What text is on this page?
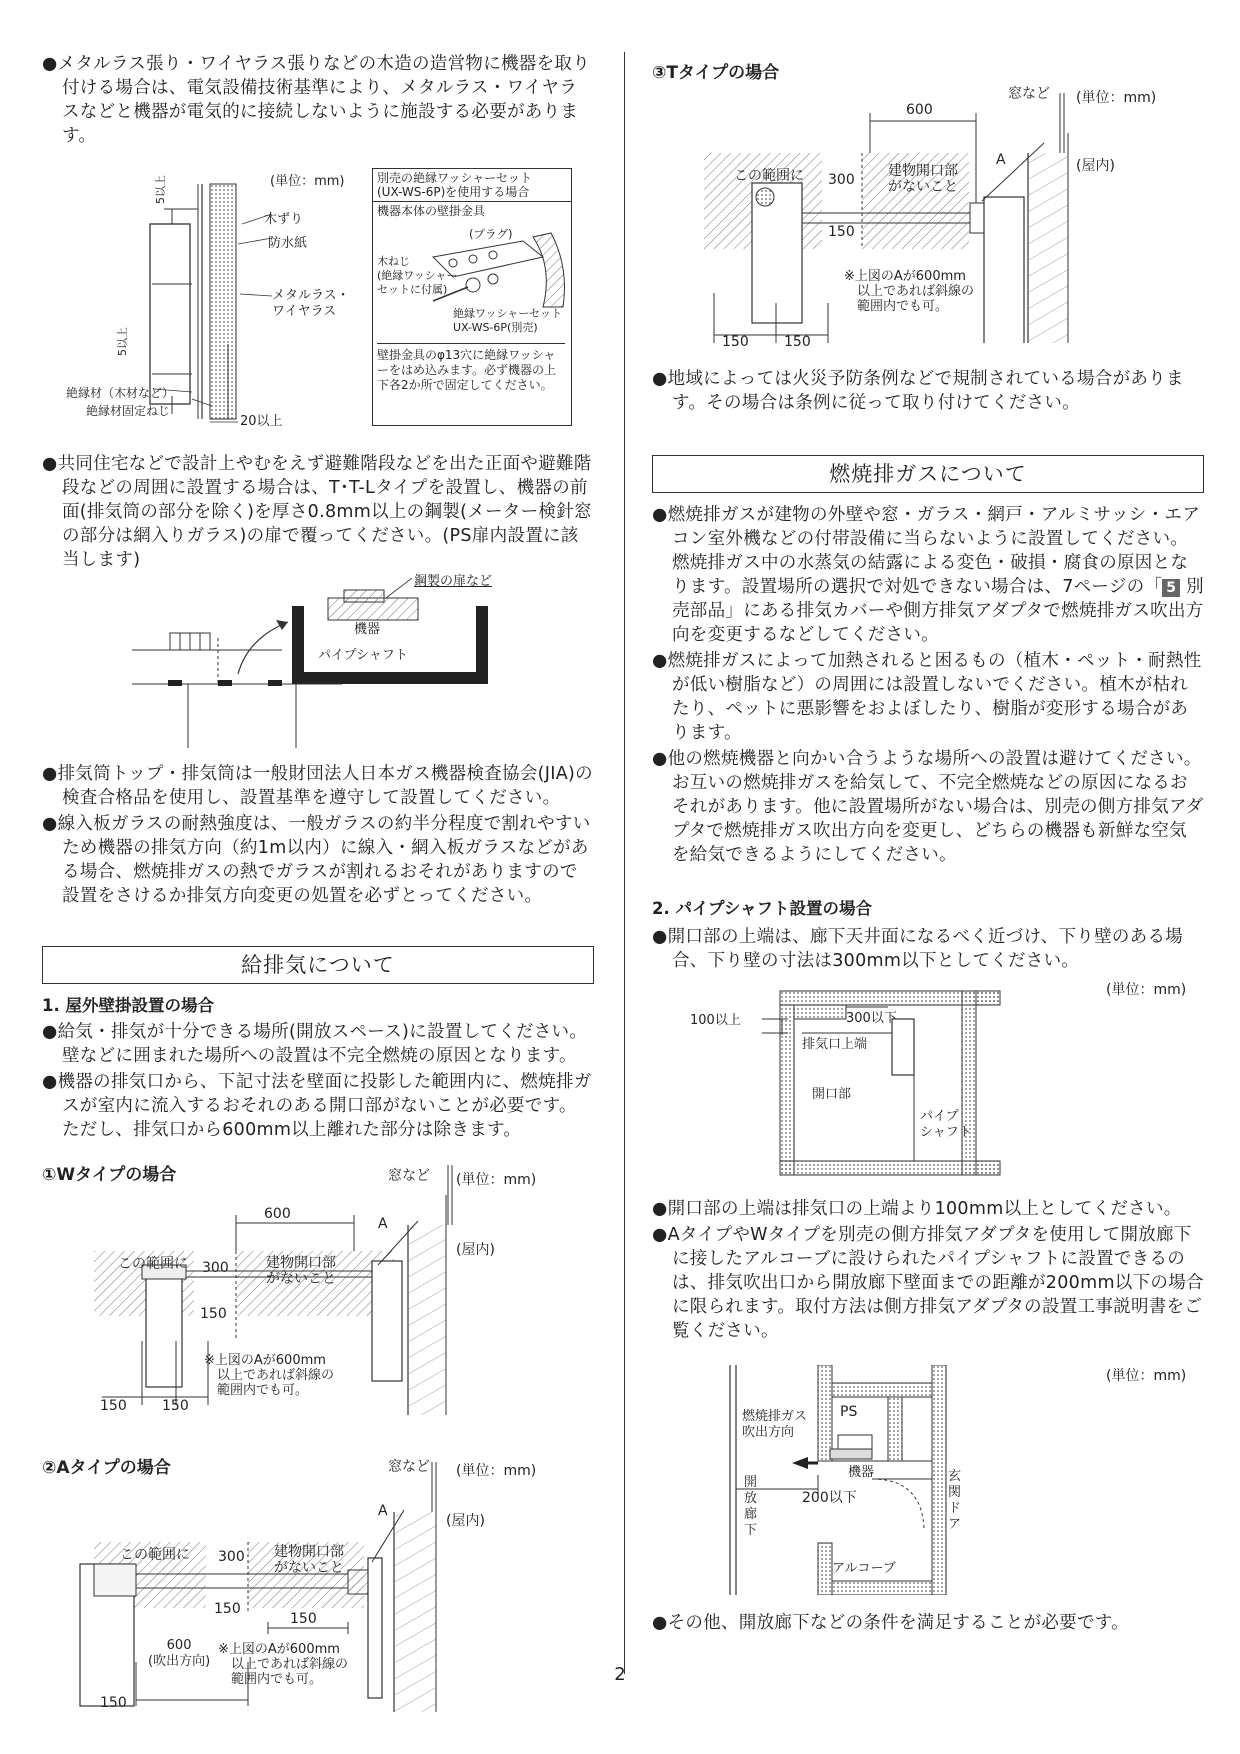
●メタルラス張り・ワイヤラス張りなどの木造の造営物に機器を取り付ける場合は、電気設備技術基準により、メタルラス・ワイヤラスなどと機器が電気的に接続しないように施設する必要があります。

(単位：mm)
5以上
5以上
木ずり
防水紙
メタルラス・
ワイヤラス
絶縁材（木材など）
絶縁材固定ねじ
20以上
別売の絶縁ワッシャーセット
(UX-WS-6P)を使用する場合
機器本体の壁掛金具
(プラグ)
木ねじ
(絶縁ワッシャー
セットに付属)
絶縁ワッシャーセット
UX-WS-6P(別売)
壁掛金具のφ13穴に絶縁ワッシャーをはめ込みます。必ず機器の上下各2か所で固定してください。

●共同住宅などで設計上やむをえず避難階段などを出た正面や避難階段などの周囲に設置する場合は、T･T-Lタイプを設置し、機器の前面(排気筒の部分を除く)を厚さ0.8mm以上の鋼製(メーター検針窓の部分は網入りガラス)の扉で覆ってください。(PS扉内設置に該当します)

鋼製の扉など
機器
パイプシャフト

●排気筒トップ・排気筒は一般財団法人日本ガス機器検査協会(JIA)の検査合格品を使用し、設置基準を遵守して設置してください。

●線入板ガラスの耐熱強度は、一般ガラスの約半分程度で割れやすいため機器の排気方向（約1m以内）に線入・網入板ガラスなどがある場合、燃焼排ガスの熱でガラスが割れるおそれがありますので設置をさけるか排気方向変更の処置を必ずとってください。

給排気について

1. 屋外壁掛設置の場合

●給気・排気が十分できる場所(開放スペース)に設置してください。壁などに囲まれた場所への設置は不完全燃焼の原因となります。

●機器の排気口から、下記寸法を壁面に投影した範囲内に、燃焼排ガスが室内に流入するおそれのある開口部がないことが必要です。ただし、排気口から600mm以上離れた部分は除きます。

①Wタイプの場合	窓など (単位：mm)
600
A
(屋内)
この範囲に 300	建物開口部
がないこと
150
※上図のAが600mm
　以上であれば斜線の
　範囲内でも可。
150	150

②Aタイプの場合	窓など (単位：mm)
A
(屋内)
この範囲に 300 建物開口部
がないこと
150
150
600
(吹出方向)
※上図のAが600mm
　以上であれば斜線の
　範囲内でも可。
150

③Tタイプの場合

窓など (単位：mm)
600
A	(屋内)
この範囲に 300
建物開口部
がないこと
150
※上図のAが600mm
　以上であれば斜線の
　範囲内でも可。
150	150

●地域によっては火災予防条例などで規制されている場合があります。その場合は条例に従って取り付けてください。

燃焼排ガスについて

●燃焼排ガスが建物の外壁や窓・ガラス・網戸・アルミサッシ・エアコン室外機などの付帯設備に当らないように設置してください。燃焼排ガス中の水蒸気の結露による変色・破損・腐食の原因となります。設置場所の選択で対処できない場合は、7ページの「 5 別売部品」にある排気カバーや側方排気アダプタで燃焼排ガス吹出方向を変更するなどしてください。

●燃焼排ガスによって加熱されると困るもの（植木・ペット・耐熱性が低い樹脂など）の周囲には設置しないでください。植木が枯れたり、ペットに悪影響をおよぼしたり、樹脂が変形する場合があります。

●他の燃焼機器と向かい合うような場所への設置は避けてください。お互いの燃焼排ガスを給気して、不完全燃焼などの原因になるおそれがあります。他に設置場所がない場合は、別売の側方排気アダプタで燃焼排ガス吹出方向を変更し、どちらの機器も新鮮な空気を給気できるようにしてください。

2. パイプシャフト設置の場合

●開口部の上端は、廊下天井面になるべく近づけ、下り壁のある場合、下り壁の寸法は300mm以下としてください。

(単位：mm)
100以上	300以下
排気口上端
開口部
パイプ
シャフト

●開口部の上端は排気口の上端より100mm以上としてください。

●AタイプやWタイプを別売の側方排気アダプタを使用して開放廊下に接したアルコーブに設けられたパイプシャフトに設置できるのは、排気吹出口から開放廊下壁面までの距離が200mm以下の場合に限られます。取付方法は側方排気アダプタの設置工事説明書をご覧ください。

(単位：mm)
燃焼排ガス
吹出方向
開
放
廊
下
PS
機器
200以下
玄
関
ド
ア
アルコーブ

●その他、開放廊下などの条件を満足することが必要です。

2
